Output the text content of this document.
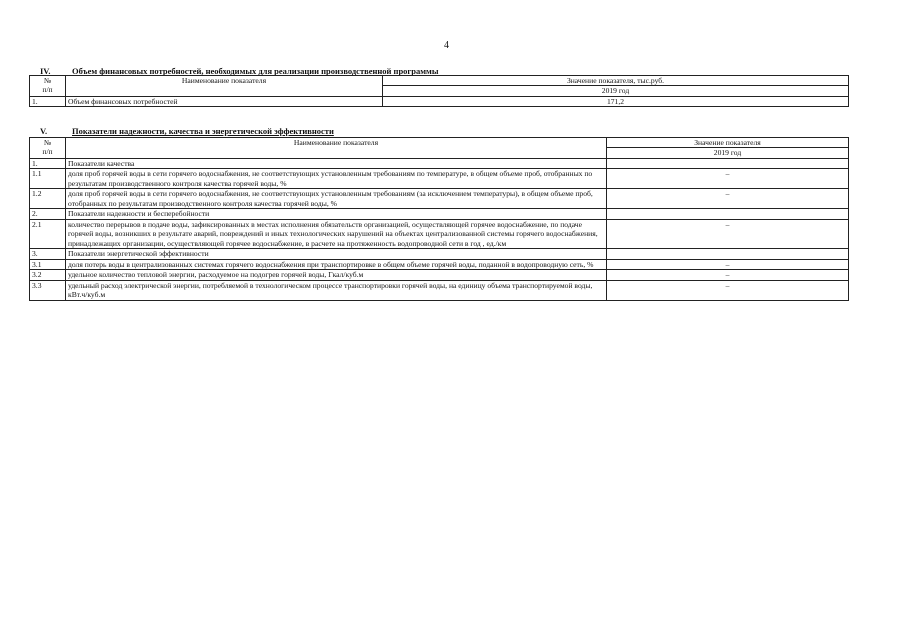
4
IV.	Объем финансовых потребностей, необходимых для реализации производственной программы
№
п/п	Наименование показателя	Значение показателя, тыс.руб.
		2019 год
1.	Объем финансовых потребностей	171,2
V.	Показатели надежности, качества и энергетической эффективности
№
п/п	Наименование показателя	Значение показателя
		2019 год
1.	Показатели качества	
1.1	доля проб горячей воды в сети горячего водоснабжения, не соответствующих установленным требованиям по температуре, в общем объеме проб, отобранных по результатам производственного контроля качества горячей воды, %	–
1.2	доля проб горячей воды в сети горячего водоснабжения, не соответствующих установленным требованиям (за исключением температуры), в общем объеме проб, отобранных по результатам производственного контроля качества горячей воды, %	–
2.	Показатели надежности и бесперебойности	
2.1	количество перерывов в подаче воды, зафиксированных в местах исполнения обязательств организацией, осуществляющей горячее водоснабжение, по подаче горячей воды, возникших в результате аварий, повреждений и иных технологических нарушений на объектах централизованной системы горячего водоснабжения, принадлежащих организации, осуществляющей горячее водоснабжение, в расчете на протяженность водопроводной сети в год , ед./км	–
3.	Показатели энергетической эффективности	
3.1	доля потерь воды в централизованных системах горячего водоснабжения при транспортировке в общем объеме горячей воды, поданной в водопроводную сеть, %	–
3.2	удельное количество тепловой энергии, расходуемое на подогрев горячей воды, Гкал/куб.м	–
3.3	удельный расход электрической энергии, потребляемой в технологическом процессе транспортировки горячей воды, на единицу объема транспортируемой воды, кВт.ч/куб.м	–
